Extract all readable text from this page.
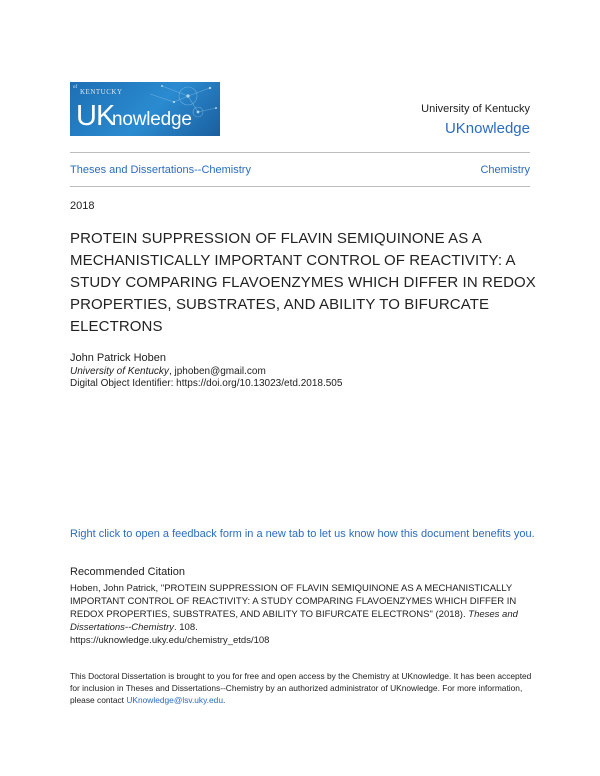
of
KENTUCKY
UK
nowledge	University of Kentucky
UKnowledge
Theses and Dissertations--Chemistry	Chemistry
2018
PROTEIN SUPPRESSION OF FLAVIN SEMIQUINONE AS A MECHANISTICALLY IMPORTANT CONTROL OF REACTIVITY: A STUDY COMPARING FLAVOENZYMES WHICH DIFFER IN REDOX PROPERTIES, SUBSTRATES, AND ABILITY TO BIFURCATE ELECTRONS
John Patrick Hoben
University of Kentucky, jphoben@gmail.com
Digital Object Identifier: https://doi.org/10.13023/etd.2018.505
Right click to open a feedback form in a new tab to let us know how this document benefits you.
Recommended Citation
Hoben, John Patrick, "PROTEIN SUPPRESSION OF FLAVIN SEMIQUINONE AS A MECHANISTICALLY IMPORTANT CONTROL OF REACTIVITY: A STUDY COMPARING FLAVOENZYMES WHICH DIFFER IN REDOX PROPERTIES, SUBSTRATES, AND ABILITY TO BIFURCATE ELECTRONS" (2018). Theses and Dissertations--Chemistry. 108.
https://uknowledge.uky.edu/chemistry_etds/108
This Doctoral Dissertation is brought to you for free and open access by the Chemistry at UKnowledge. It has been accepted for inclusion in Theses and Dissertations--Chemistry by an authorized administrator of UKnowledge. For more information, please contact UKnowledge@lsv.uky.edu.
